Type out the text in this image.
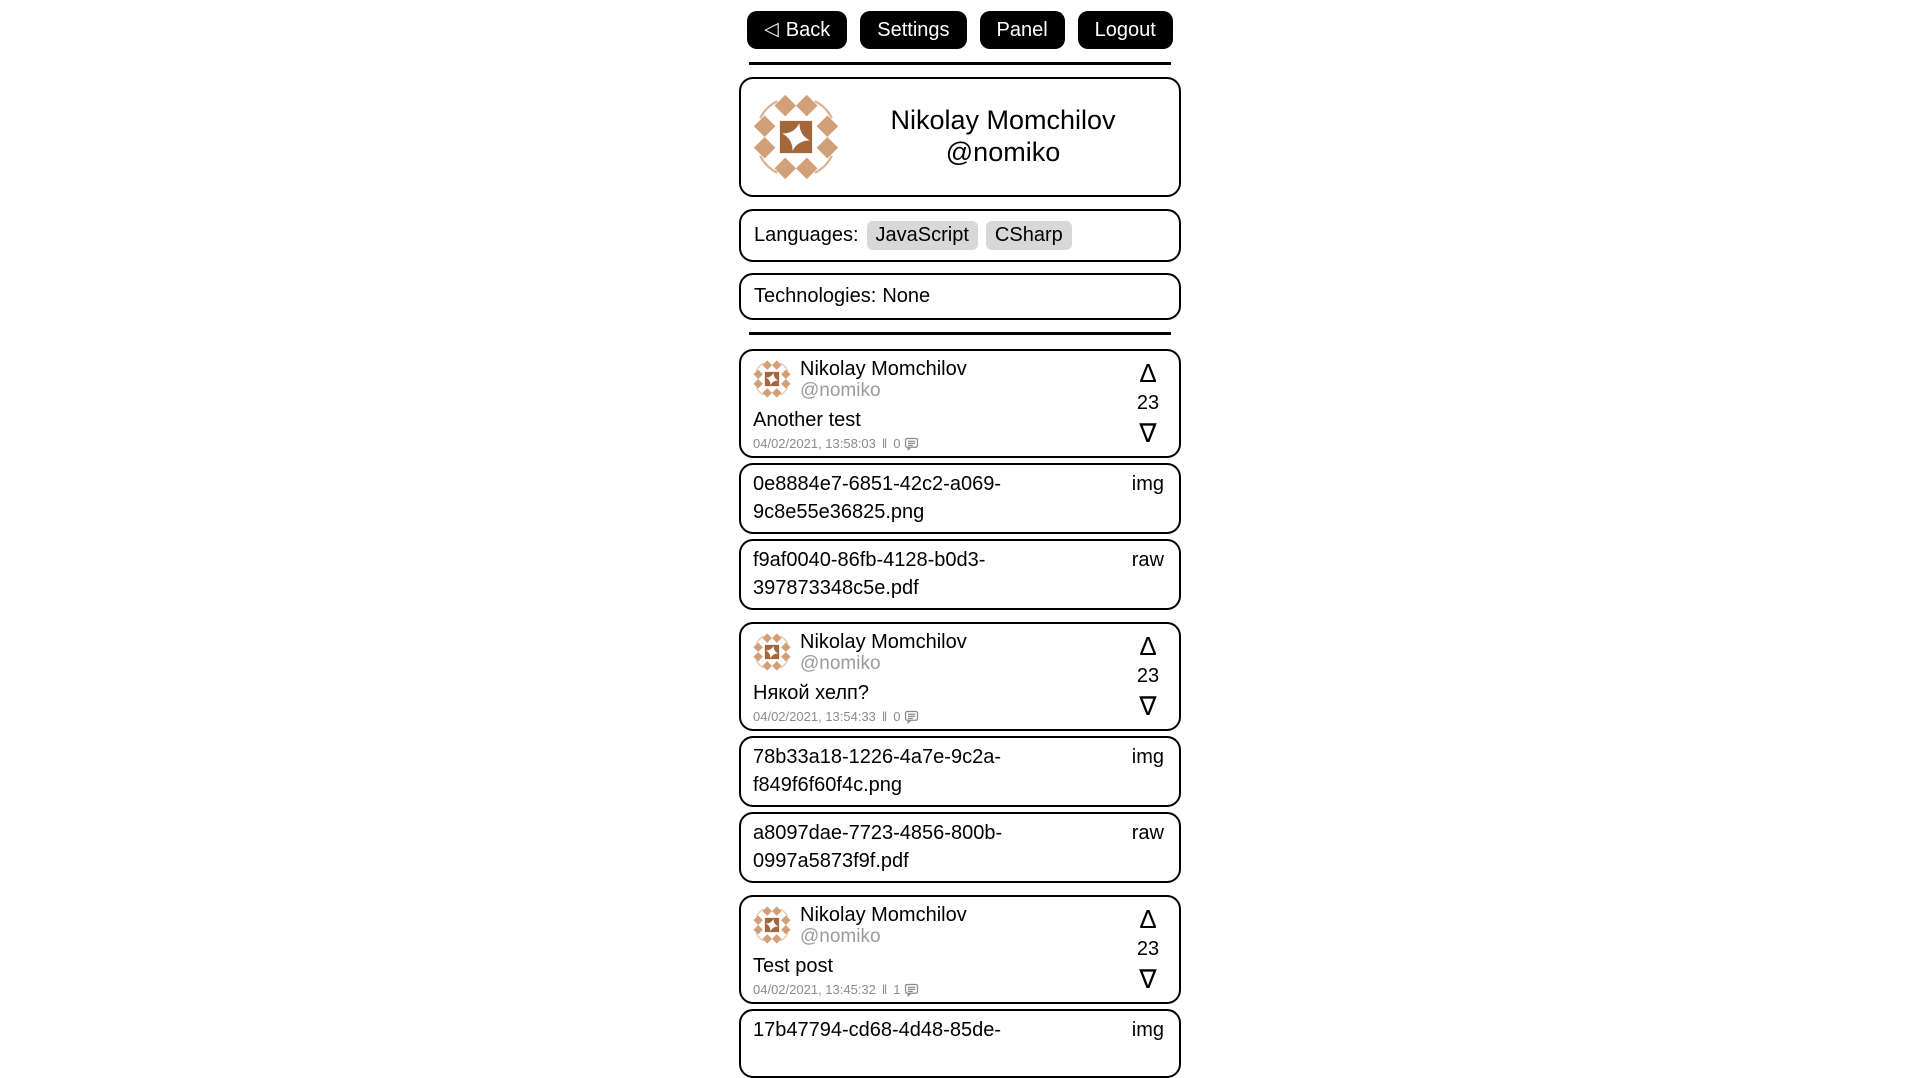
◁ Back Settings Panel Logout
Nikolay Momchilov
@nomiko
Languages: JavaScript	CSharp
Technologies: None
Nikolay Momchilov
@nomiko
Another test
04/02/2021, 13:58:03 ‖ 0
Δ
23
∇
0e8884e7-6851-42c2-a069-9c8e55e36825.png
img
f9af0040-86fb-4128-b0d3-397873348c5e.pdf
raw
Nikolay Momchilov
@nomiko
Някой хелп?
04/02/2021, 13:54:33 ‖ 0
Δ
23
∇
78b33a18-1226-4a7e-9c2a-f849f6f60f4c.png
img
a8097dae-7723-4856-800b-0997a5873f9f.pdf
raw
Nikolay Momchilov
@nomiko
Test post
04/02/2021, 13:45:32 ‖ 1
Δ
23
∇
17b47794-cd68-4d48-85de-	img
